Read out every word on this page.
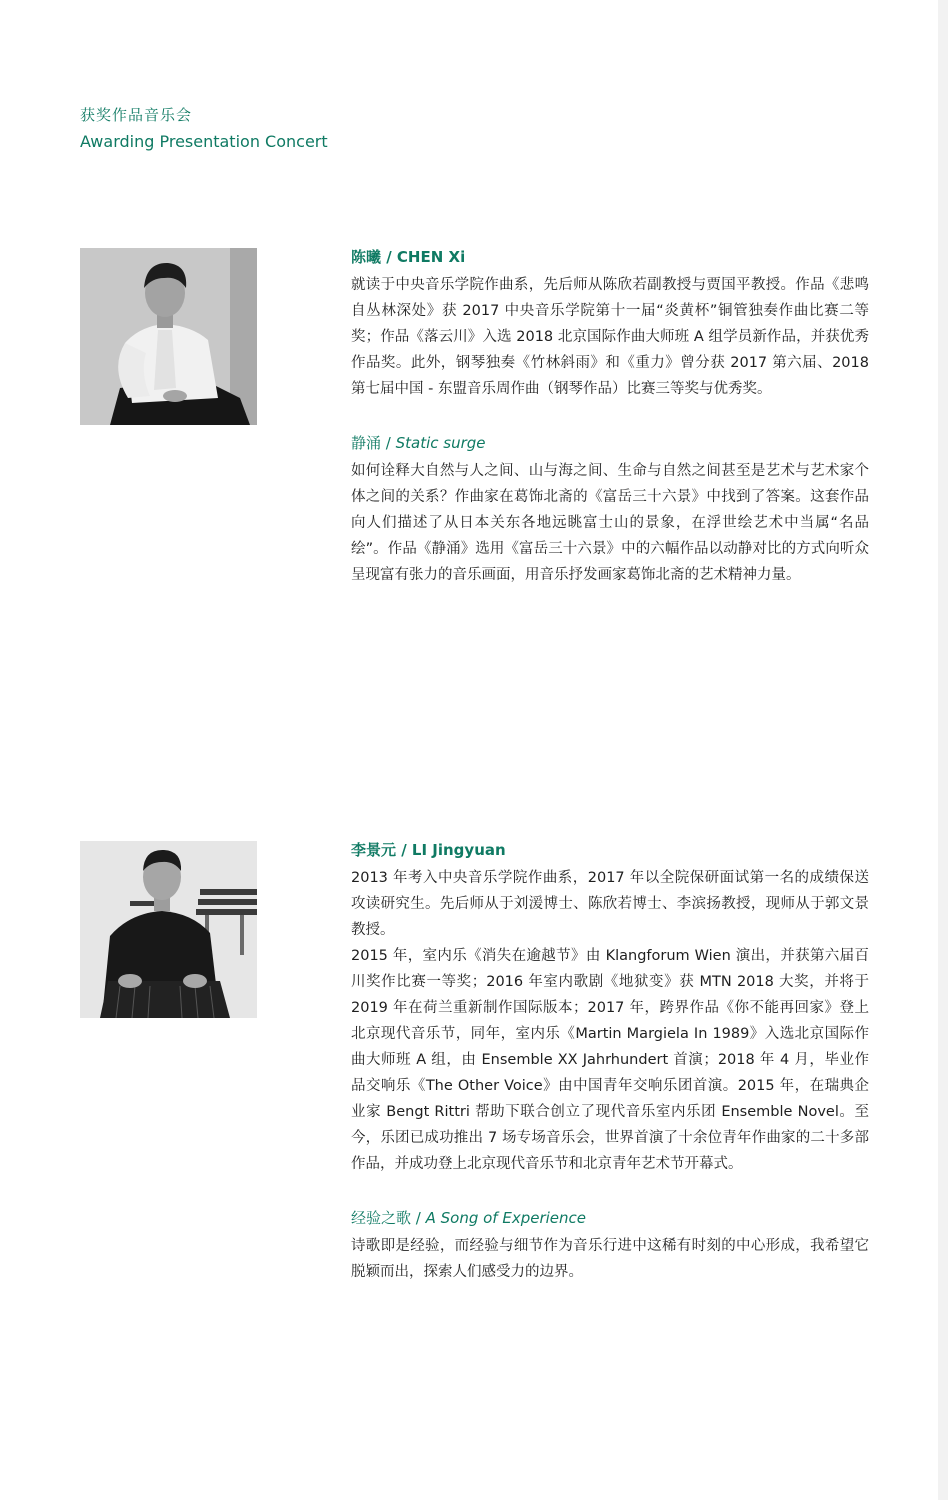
获奖作品音乐会
Awarding Presentation Concert
陈曦 / CHEN Xi
就读于中央音乐学院作曲系，先后师从陈欣若副教授与贾国平教授。作品《悲鸣自丛林深处》获 2017 中央音乐学院第十一届“炎黄杯”铜管独奏作曲比赛二等奖；作品《落云川》入选 2018 北京国际作曲大师班 A 组学员新作品，并获优秀作品奖。此外，钢琴独奏《竹林斜雨》和《重力》曾分获 2017 第六届、2018 第七届中国 - 东盟音乐周作曲（钢琴作品）比赛三等奖与优秀奖。
静涌 / Static surge
如何诠释大自然与人之间、山与海之间、生命与自然之间甚至是艺术与艺术家个体之间的关系？作曲家在葛饰北斋的《富岳三十六景》中找到了答案。这套作品向人们描述了从日本关东各地远眺富士山的景象，在浮世绘艺术中当属“名品绘”。作品《静涌》选用《富岳三十六景》中的六幅作品以动静对比的方式向听众呈现富有张力的音乐画面，用音乐抒发画家葛饰北斋的艺术精神力量。
李景元 / LI Jingyuan
2013 年考入中央音乐学院作曲系，2017 年以全院保研面试第一名的成绩保送攻读研究生。先后师从于刘湲博士、陈欣若博士、李滨扬教授，现师从于郭文景教授。
2015 年，室内乐《消失在逾越节》由 Klangforum Wien 演出，并获第六届百川奖作比赛一等奖；2016 年室内歌剧《地狱变》获 MTN 2018 大奖，并将于 2019 年在荷兰重新制作国际版本；2017 年，跨界作品《你不能再回家》登上北京现代音乐节，同年，室内乐《Martin Margiela In 1989》入选北京国际作曲大师班 A 组，由 Ensemble XX Jahrhundert 首演；2018 年 4 月，毕业作品交响乐《The Other Voice》由中国青年交响乐团首演。2015 年，在瑞典企业家 Bengt Rittri 帮助下联合创立了现代音乐室内乐团 Ensemble Novel。至今，乐团已成功推出 7 场专场音乐会，世界首演了十余位青年作曲家的二十多部作品，并成功登上北京现代音乐节和北京青年艺术节开幕式。
经验之歌 / A Song of Experience
诗歌即是经验，而经验与细节作为音乐行进中这稀有时刻的中心形成，我希望它脱颖而出，探索人们感受力的边界。
